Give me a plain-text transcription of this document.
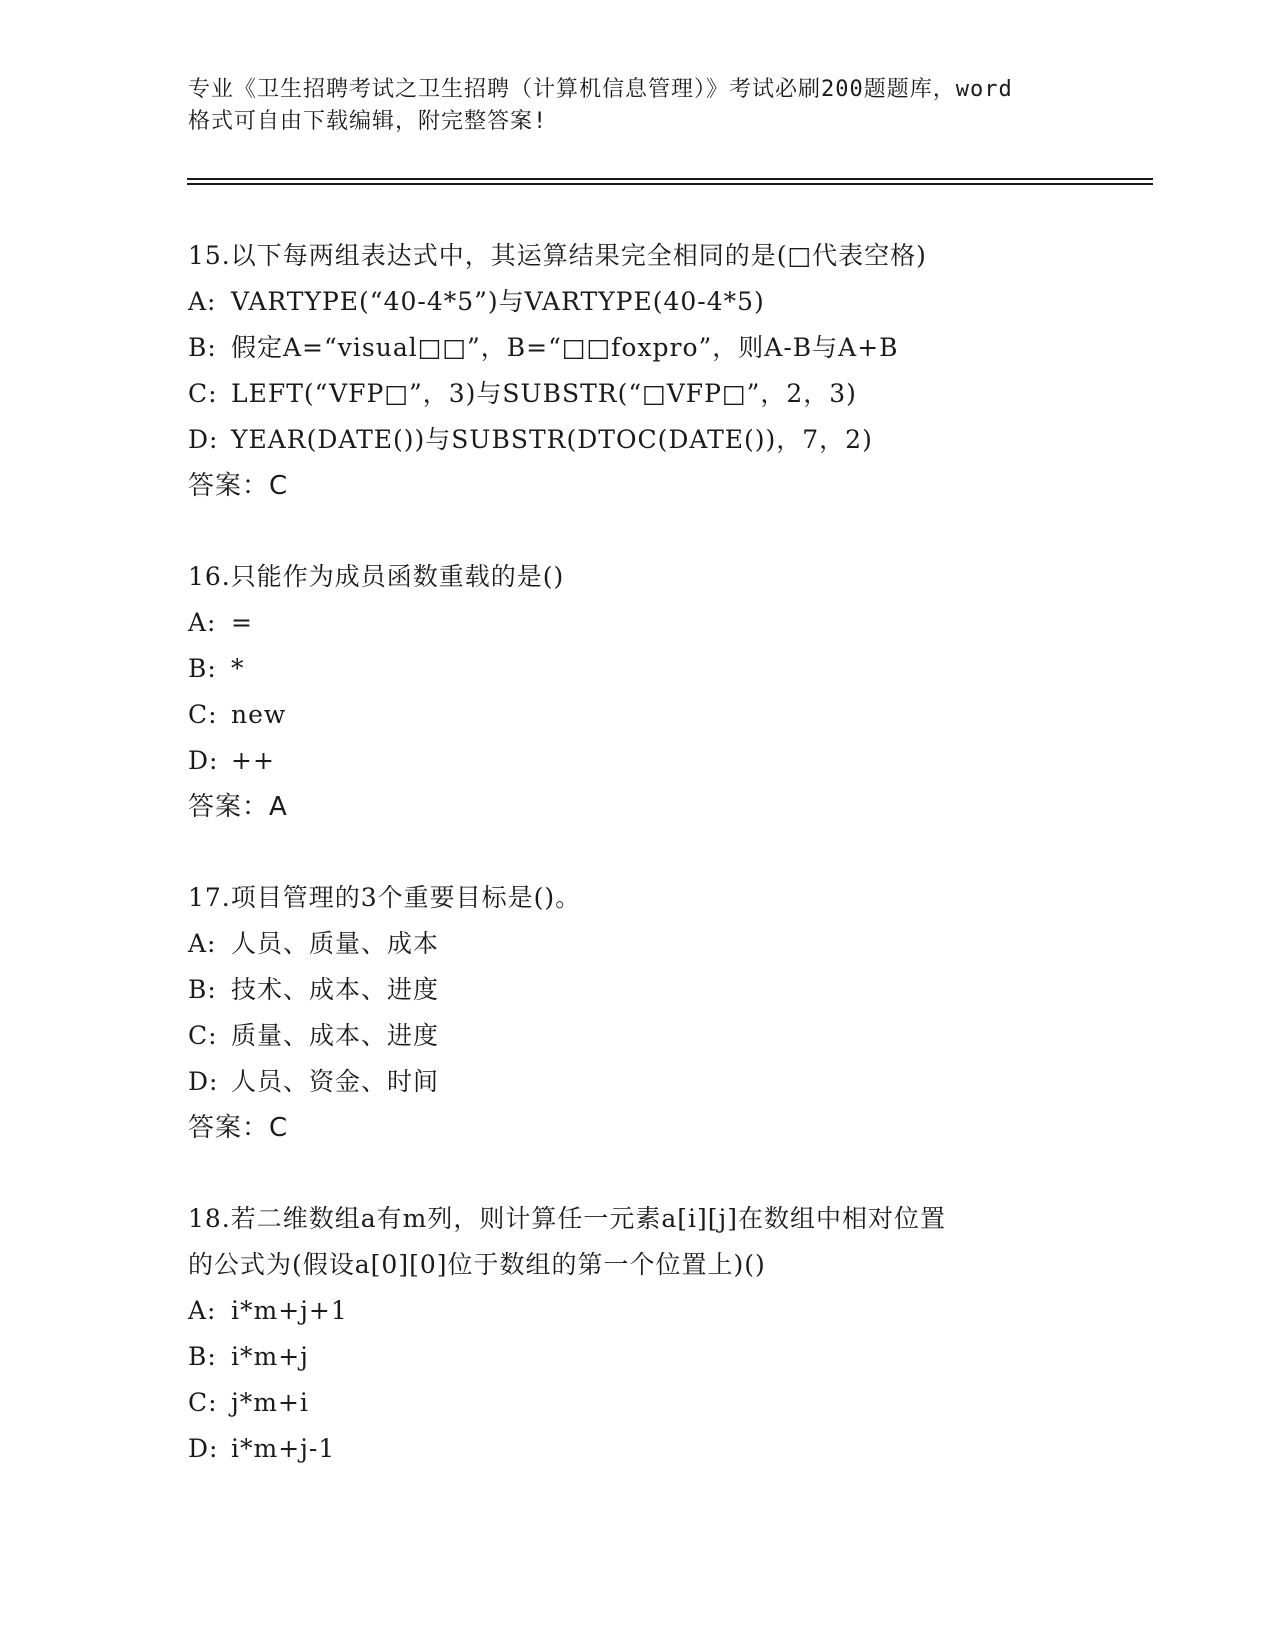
专业《卫生招聘考试之卫生招聘（计算机信息管理）》考试必刷200题题库，word
格式可自由下载编辑，附完整答案!
15.以下每两组表达式中，其运算结果完全相同的是(□代表空格)
A: VARTYPE(“40-4*5”)与VARTYPE(40-4*5)
B: 假定A=“visual□□”，B=“□□foxpro”，则A-B与A+B
C: LEFT(“VFP□”，3)与SUBSTR(“□VFP□”，2，3)
D: YEAR(DATE())与SUBSTR(DTOC(DATE())，7，2)
答案：C
16.只能作为成员函数重载的是()
A: =
B: *
C: new
D: ++
答案：A
17.项目管理的3个重要目标是()。
A: 人员、质量、成本
B: 技术、成本、进度
C: 质量、成本、进度
D: 人员、资金、时间
答案：C
18.若二维数组a有m列，则计算任一元素a[i][j]在数组中相对位置
的公式为(假设a[0][0]位于数组的第一个位置上)()
A: i*m+j+1
B: i*m+j
C: j*m+i
D: i*m+j-1
